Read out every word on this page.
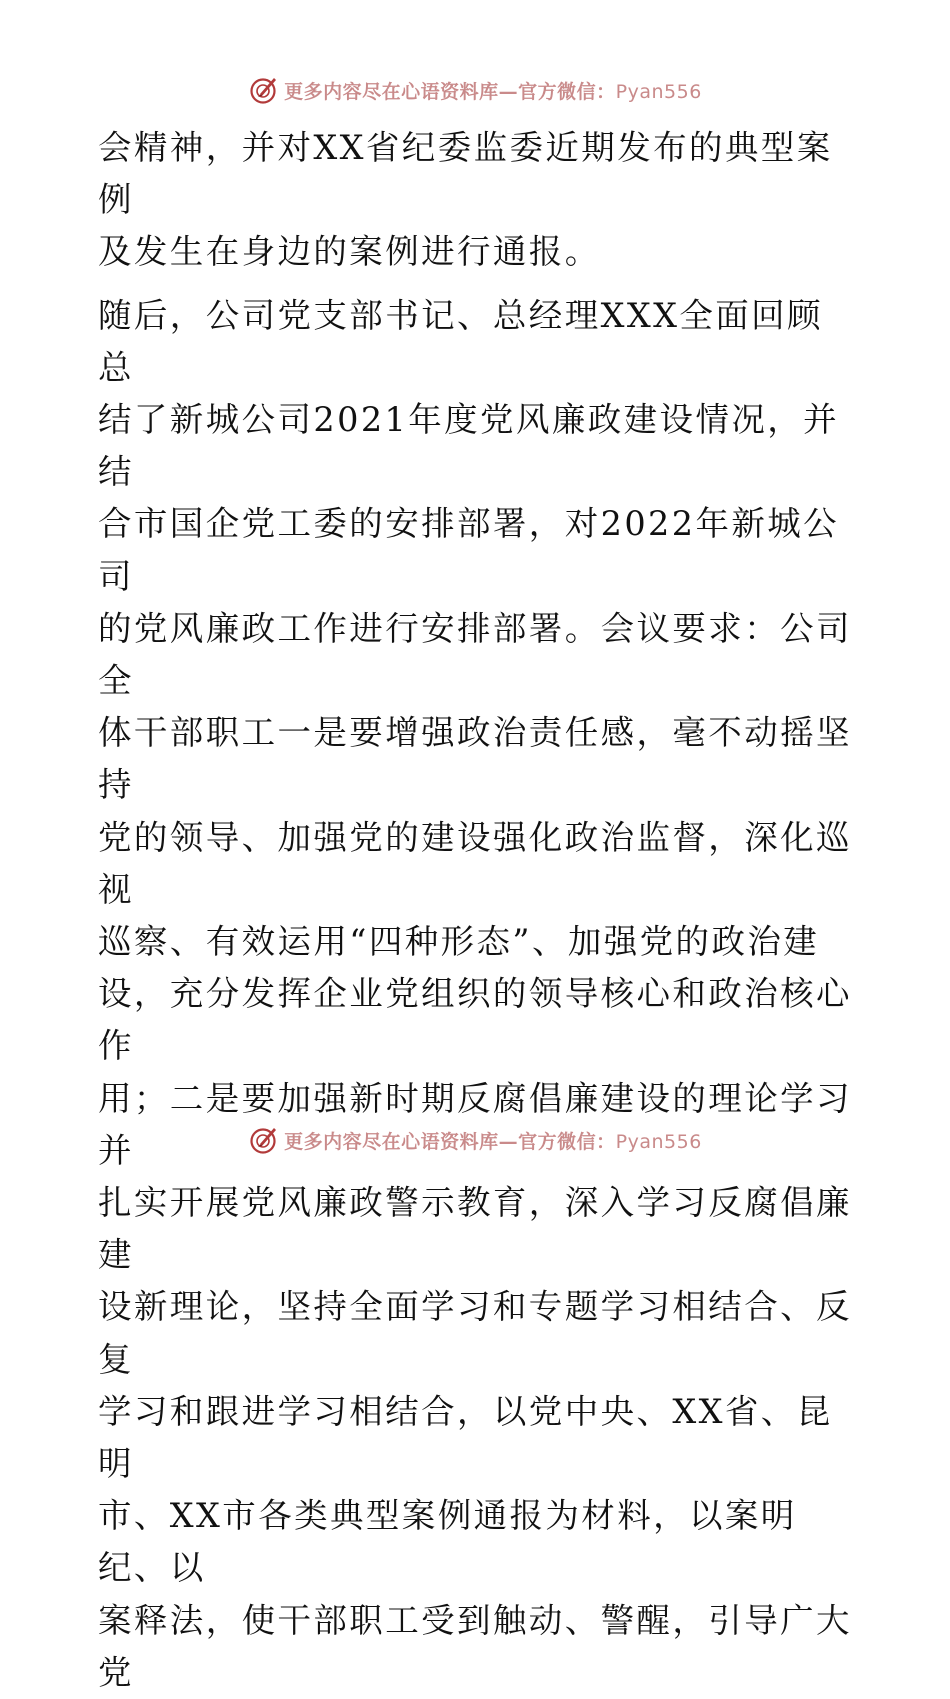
更多内容尽在心语资料库—官方微信：Pyan556

会精神，并对XX省纪委监委近期发布的典型案例
及发生在身边的案例进行通报。

随后，公司党支部书记、总经理XXX全面回顾总
结了新城公司2021年度党风廉政建设情况，并结
合市国企党工委的安排部署，对2022年新城公司
的党风廉政工作进行安排部署。会议要求：公司全
体干部职工一是要增强政治责任感，毫不动摇坚持
党的领导、加强党的建设强化政治监督，深化巡视
巡察、有效运用“四种形态”、加强党的政治建
设，充分发挥企业党组织的领导核心和政治核心作
用；二是要加强新时期反腐倡廉建设的理论学习并
扎实开展党风廉政警示教育，深入学习反腐倡廉建
设新理论，坚持全面学习和专题学习相结合、反复
学习和跟进学习相结合，以党中央、XX省、昆明
市、XX市各类典型案例通报为材料，以案明纪、以
案释法，使干部职工受到触动、警醒，引导广大党

更多内容尽在心语资料库—官方微信：Pyan556
